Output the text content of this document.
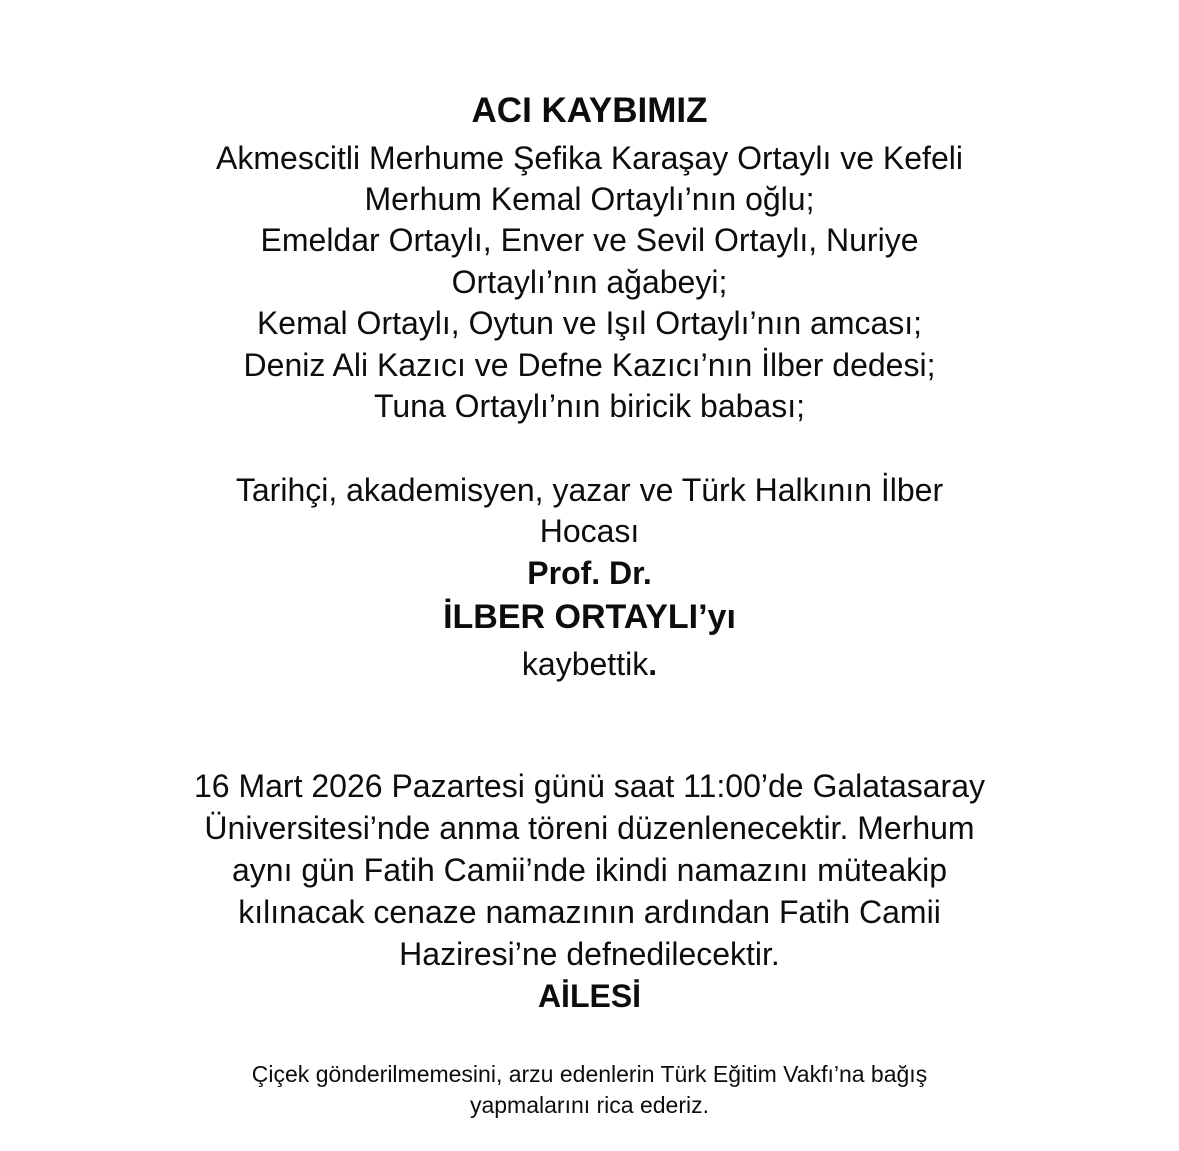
ACI KAYBIMIZ
Akmescitli Merhume Şefika Karaşay Ortaylı ve Kefeli
Merhum Kemal Ortaylı’nın oğlu;
Emeldar Ortaylı, Enver ve Sevil Ortaylı, Nuriye
Ortaylı’nın ağabeyi;
Kemal Ortaylı, Oytun ve Işıl Ortaylı’nın amcası;
Deniz Ali Kazıcı ve Defne Kazıcı’nın İlber dedesi;
Tuna Ortaylı’nın biricik babası;
Tarihçi, akademisyen, yazar ve Türk Halkının İlber
Hocası
Prof. Dr.
İLBER ORTAYLI’yı
kaybettik.
16 Mart 2026 Pazartesi günü saat 11:00’de Galatasaray
Üniversitesi’nde anma töreni düzenlenecektir. Merhum
aynı gün Fatih Camii’nde ikindi namazını müteakip
kılınacak cenaze namazının ardından Fatih Camii
Haziresi’ne defnedilecektir.
AİLESİ
Çiçek gönderilmemesini, arzu edenlerin Türk Eğitim Vakfı’na bağış
yapmalarını rica ederiz.
